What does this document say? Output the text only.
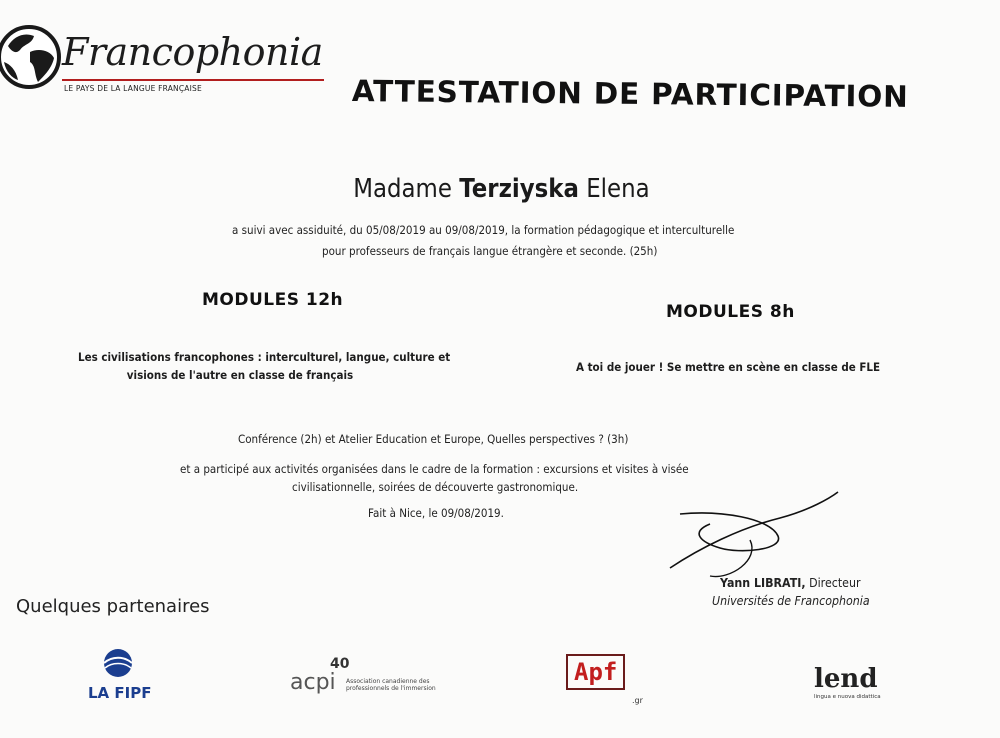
Francophonia
LE PAYS DE LA LANGUE FRANÇAISE	ATTESTATION DE PARTICIPATION
Madame Terziyska Elena
a suivi avec assiduité, du 05/08/2019 au 09/08/2019, la formation pédagogique et interculturelle
pour professeurs de français langue étrangère et seconde. (25h)
MODULES 12h
MODULES 8h
Les civilisations francophones : interculturel, langue, culture et
visions de l'autre en classe de français
A toi de jouer ! Se mettre en scène en classe de FLE
Conférence (2h) et Atelier Education et Europe, Quelles perspectives ? (3h)
et a participé aux activités organisées dans le cadre de la formation : excursions et visites à visée
civilisationnelle, soirées de découverte gastronomique.
Fait à Nice, le 09/08/2019.
Yann LIBRATI, Directeur
Universités de Francophonia
Quelques partenaires
LA FIPF	acpi
40
Association canadienne des
professionnels de l'immersion
Apf
.gr
lend
lingua e nuova didattica
